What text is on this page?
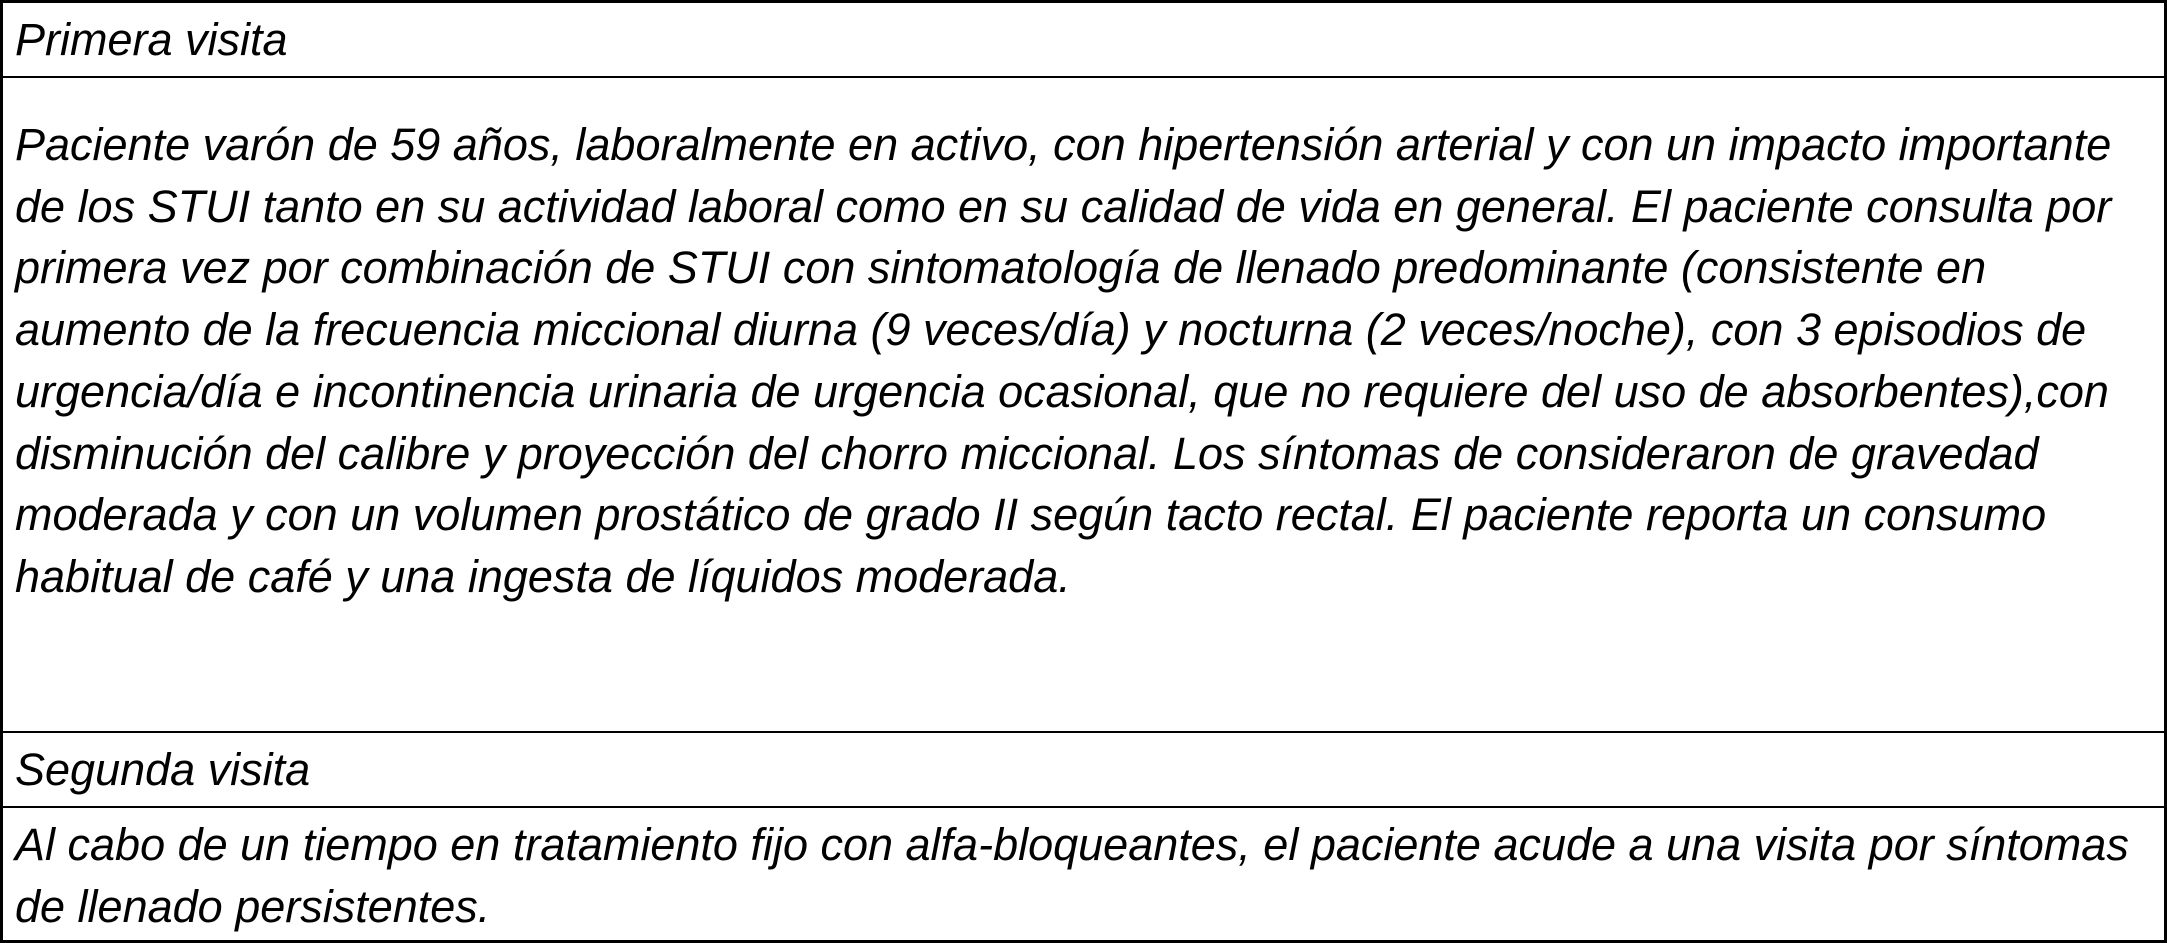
Primera visita
Paciente varón de 59 años, laboralmente en activo, con hipertensión arterial y con un impacto importante de los STUI tanto en su actividad laboral como en su calidad de vida en general. El paciente consulta por primera vez por combinación de STUI con sintomatología de llenado predominante (consistente en aumento de la frecuencia miccional diurna (9 veces/día) y nocturna (2 veces/noche), con 3 episodios de urgencia/día e incontinencia urinaria de urgencia ocasional, que no requiere del uso de absorbentes),con disminución del calibre y proyección del chorro miccional. Los síntomas de consideraron de gravedad moderada y con un volumen prostático de grado II según tacto rectal. El paciente reporta un consumo habitual de café y una ingesta de líquidos moderada.
Segunda visita
Al cabo de un tiempo en tratamiento fijo con alfa-bloqueantes, el paciente acude a una visita por síntomas de llenado persistentes.
